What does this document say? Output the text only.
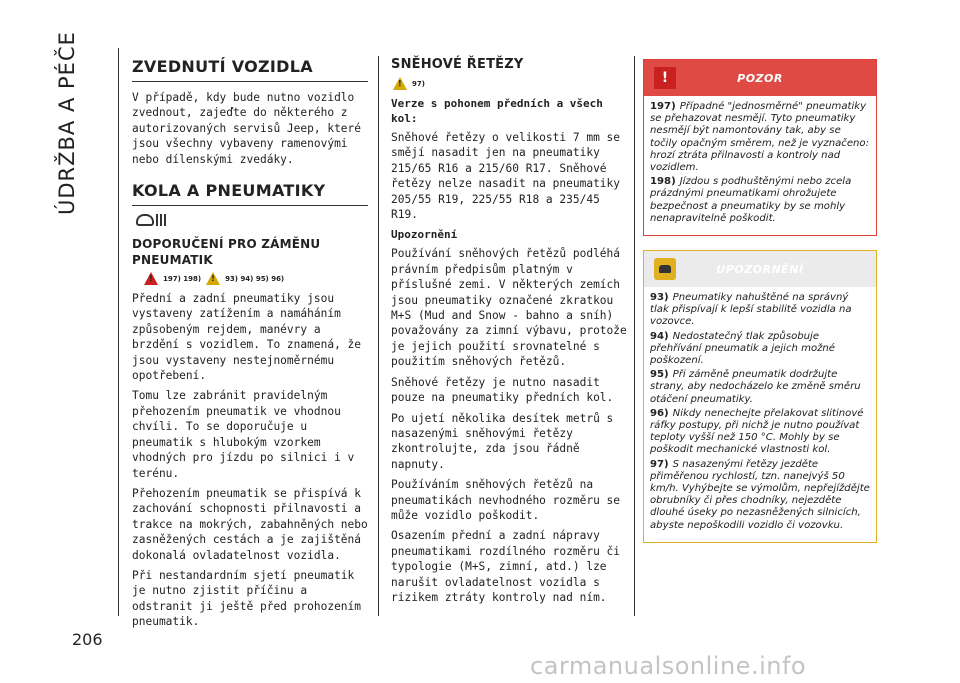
ÚDRŽBA A PÉČE
206
ZVEDNUTÍ VOZIDLA

V případě, kdy bude nutno vozidlo zvednout, zajeďte do některého z autorizovaných servisů Jeep, které jsou všechny vybaveny ramenovými nebo dílenskými zvedáky.

KOLA A PNEUMATIKY
DOPORUČENÍ PRO ZÁMĚNU PNEUMATIK
!
197) 198)
!	93) 94) 95) 96)

Přední a zadní pneumatiky jsou vystaveny zatížením a namáháním způsobeným rejdem, manévry a brzdění s vozidlem. To znamená, že jsou vystaveny nestejnoměrnému opotřebení.

Tomu lze zabránit pravidelným přehozením pneumatik ve vhodnou chvíli. To se doporučuje u pneumatik s hlubokým vzorkem vhodných pro jízdu po silnici i v terénu.

Přehozením pneumatik se přispívá k zachování schopnosti přilnavosti a trakce na mokrých, zabahněných nebo zasněžených cestách a je zajištěná dokonalá ovladatelnost vozidla.

Při nestandardním sjetí pneumatik je nutno zjistit příčinu a odstranit ji ještě před prohozením pneumatik.

SNĚHOVÉ ŘETĚZY
!
97)
Verze s pohonem předních a všech kol:

Sněhové řetězy o velikosti 7 mm se smějí nasadit jen na pneumatiky 215/65 R16 a 215/60 R17. Sněhové řetězy nelze nasadit na pneumatiky 205/55 R19, 225/55 R18 a 235/45 R19.

Upozornění

Používání sněhových řetězů podléhá právním předpisům platným v příslušné zemi. V některých zemích jsou pneumatiky označené zkratkou M+S (Mud and Snow - bahno a sníh) považovány za zimní výbavu, protože je jejich použití srovnatelné s použitím sněhových řetězů.

Sněhové řetězy je nutno nasadit pouze na pneumatiky předních kol.

Po ujetí několika desítek metrů s nasazenými sněhovými řetězy zkontrolujte, zda jsou řádně napnuty.

Používáním sněhových řetězů na pneumatikách nevhodného rozměru se může vozidlo poškodit.

Osazením přední a zadní nápravy pneumatikami rozdílného rozměru či typologie (M+S, zimní, atd.) lze narušit ovladatelnost vozidla s rizikem ztráty kontroly nad ním.

!	POZOR
197) Případné "jednosměrné" pneumatiky se přehazovat nesmějí. Tyto pneumatiky nesmějí být namontovány tak, aby se točily opačným směrem, než je vyznačeno: hrozí ztráta přilnavosti a kontroly nad vozidlem.
198) Jízdou s podhuštěnými nebo zcela prázdnými pneumatikami ohrožujete bezpečnost a pneumatiky by se mohly nenapravitelně poškodit.
UPOZORNĚNÍ
93) Pneumatiky nahuštěné na správný tlak přispívají k lepší stabilitě vozidla na vozovce.
94) Nedostatečný tlak způsobuje přehřívání pneumatik a jejich možné poškození.
95) Při záměně pneumatik dodržujte strany, aby nedocházelo ke změně směru otáčení pneumatiky.
96) Nikdy nenechejte přelakovat slitinové ráfky postupy, při nichž je nutno používat teploty vyšší než 150 °C. Mohly by se poškodit mechanické vlastnosti kol.
97) S nasazenými řetězy jezděte přiměřenou rychlostí, tzn. nanejvýš 50 km/h. Vyhýbejte se výmolům, nepřejíždějte obrubníky či přes chodníky, nejezděte dlouhé úseky po nezasněžených silnicích, abyste nepoškodili vozidlo či vozovku.
carmanualsonline.info
